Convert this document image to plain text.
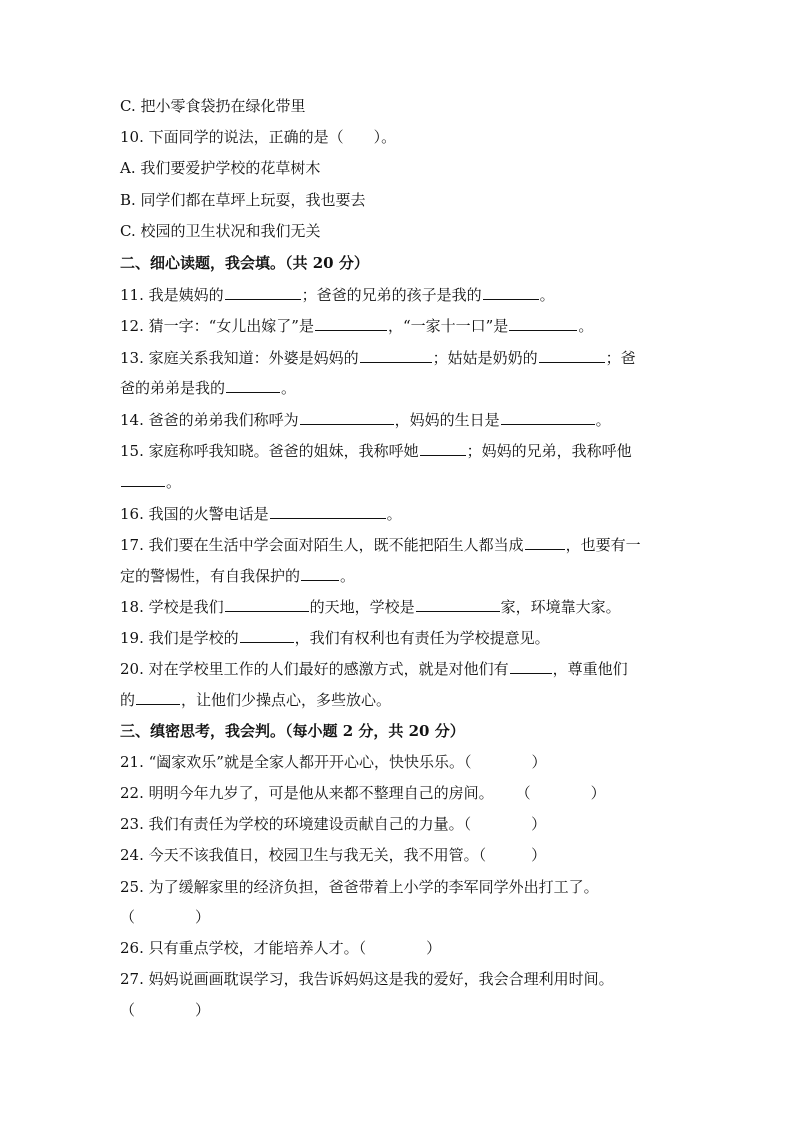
C. 把小零食袋扔在绿化带里
10. 下面同学的说法，正确的是（　　）。
A. 我们要爱护学校的花草树木
B. 同学们都在草坪上玩耍，我也要去
C. 校园的卫生状况和我们无关
二、细心读题，我会填。（共 20 分）
11. 我是姨妈的	；爸爸的兄弟的孩子是我的	。
12. 猜一字：“女儿出嫁了”是	，“一家十一口”是	。
13. 家庭关系我知道：外婆是妈妈的	；姑姑是奶奶的	；爸
爸的弟弟是我的	。
14. 爸爸的弟弟我们称呼为	，妈妈的生日是	。
15. 家庭称呼我知晓。爸爸的姐妹，我称呼她	；妈妈的兄弟，我称呼他
。
16. 我国的火警电话是	。
17. 我们要在生活中学会面对陌生人，既不能把陌生人都当成	，也要有一
定的警惕性，有自我保护的	。
18. 学校是我们	的天地，学校是	家，环境靠大家。
19. 我们是学校的	，我们有权利也有责任为学校提意见。
20. 对在学校里工作的人们最好的感激方式，就是对他们有	，尊重他们
的	，让他们少操点心，多些放心。
三、缜密思考，我会判。（每小题 2 分，共 20 分）
21. “阖家欢乐”就是全家人都开开心心，快快乐乐。（　　　　）
22. 明明今年九岁了，可是他从来都不整理自己的房间。 （　　　　）
23. 我们有责任为学校的环境建设贡献自己的力量。（　　　　）
24. 今天不该我值日，校园卫生与我无关，我不用管。（　　　）
25. 为了缓解家里的经济负担，爸爸带着上小学的李军同学外出打工了。
（　　　　）
26. 只有重点学校，才能培养人才。（　　　　）
27. 妈妈说画画耽误学习，我告诉妈妈这是我的爱好，我会合理利用时间。
（　　　　）
